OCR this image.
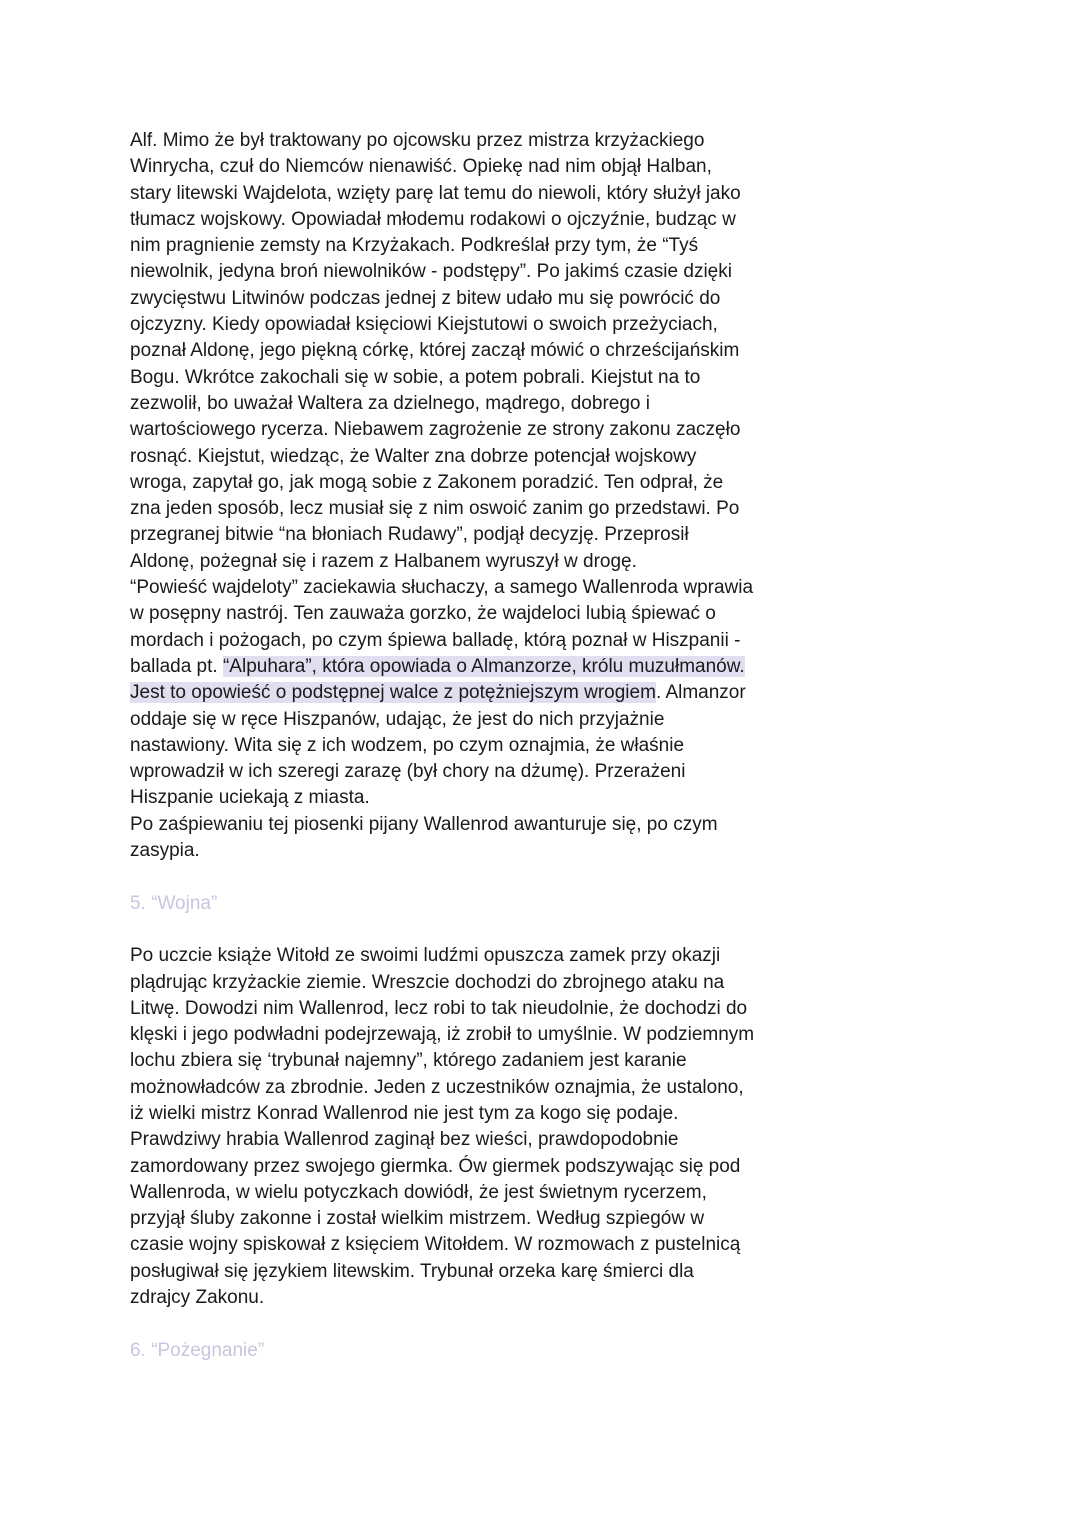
Alf. Mimo że był traktowany po ojcowsku przez mistrza krzyżackiego
Winrycha, czuł do Niemców nienawiść. Opiekę nad nim objął Halban,
stary litewski Wajdelota, wzięty parę lat temu do niewoli, który służył jako
tłumacz wojskowy. Opowiadał młodemu rodakowi o ojczyźnie, budząc w
nim pragnienie zemsty na Krzyżakach. Podkreślał przy tym, że “Tyś
niewolnik, jedyna broń niewolników - podstępy”. Po jakimś czasie dzięki
zwycięstwu Litwinów podczas jednej z bitew udało mu się powrócić do
ojczyzny. Kiedy opowiadał księciowi Kiejstutowi o swoich przeżyciach,
poznał Aldonę, jego piękną córkę, której zaczął mówić o chrześcijańskim
Bogu. Wkrótce zakochali się w sobie, a potem pobrali. Kiejstut na to
zezwolił, bo uważał Waltera za dzielnego, mądrego, dobrego i
wartościowego rycerza. Niebawem zagrożenie ze strony zakonu zaczęło
rosnąć. Kiejstut, wiedząc, że Walter zna dobrze potencjał wojskowy
wroga, zapytał go, jak mogą sobie z Zakonem poradzić. Ten odprał, że
zna jeden sposób, lecz musiał się z nim oswoić zanim go przedstawi. Po
przegranej bitwie “na błoniach Rudawy”, podjął decyzję. Przeprosił
Aldonę, pożegnał się i razem z Halbanem wyruszył w drogę.
“Powieść wajdeloty” zaciekawia słuchaczy, a samego Wallenroda wprawia
w posępny nastrój. Ten zauważa gorzko, że wajdeloci lubią śpiewać o
mordach i pożogach, po czym śpiewa balladę, którą poznał w Hiszpanii -
ballada pt. “Alpuhara”, która opowiada o Almanzorze, królu muzułmanów.
Jest to opowieść o podstępnej walce z potężniejszym wrogiem. Almanzor
oddaje się w ręce Hiszpanów, udając, że jest do nich przyjażnie
nastawiony. Wita się z ich wodzem, po czym oznajmia, że właśnie
wprowadził w ich szeregi zarazę (był chory na dżumę). Przerażeni
Hiszpanie uciekają z miasta.
Po zaśpiewaniu tej piosenki pijany Wallenrod awanturuje się, po czym
zasypia.
5. “Wojna”
Po uczcie książe Witołd ze swoimi ludźmi opuszcza zamek przy okazji
plądrując krzyżackie ziemie. Wreszcie dochodzi do zbrojnego ataku na
Litwę. Dowodzi nim Wallenrod, lecz robi to tak nieudolnie, że dochodzi do
klęski i jego podwładni podejrzewają, iż zrobił to umyślnie. W podziemnym
lochu zbiera się ‘trybunał najemny”, którego zadaniem jest karanie
możnowładców za zbrodnie. Jeden z uczestników oznajmia, że ustalono,
iż wielki mistrz Konrad Wallenrod nie jest tym za kogo się podaje.
Prawdziwy hrabia Wallenrod zaginął bez wieści, prawdopodobnie
zamordowany przez swojego giermka. Ów giermek podszywając się pod
Wallenroda, w wielu potyczkach dowiódł, że jest świetnym rycerzem,
przyjął śluby zakonne i został wielkim mistrzem. Według szpiegów w
czasie wojny spiskował z księciem Witołdem. W rozmowach z pustelnicą
posługiwał się językiem litewskim. Trybunał orzeka karę śmierci dla
zdrajcy Zakonu.
6. “Pożegnanie”
